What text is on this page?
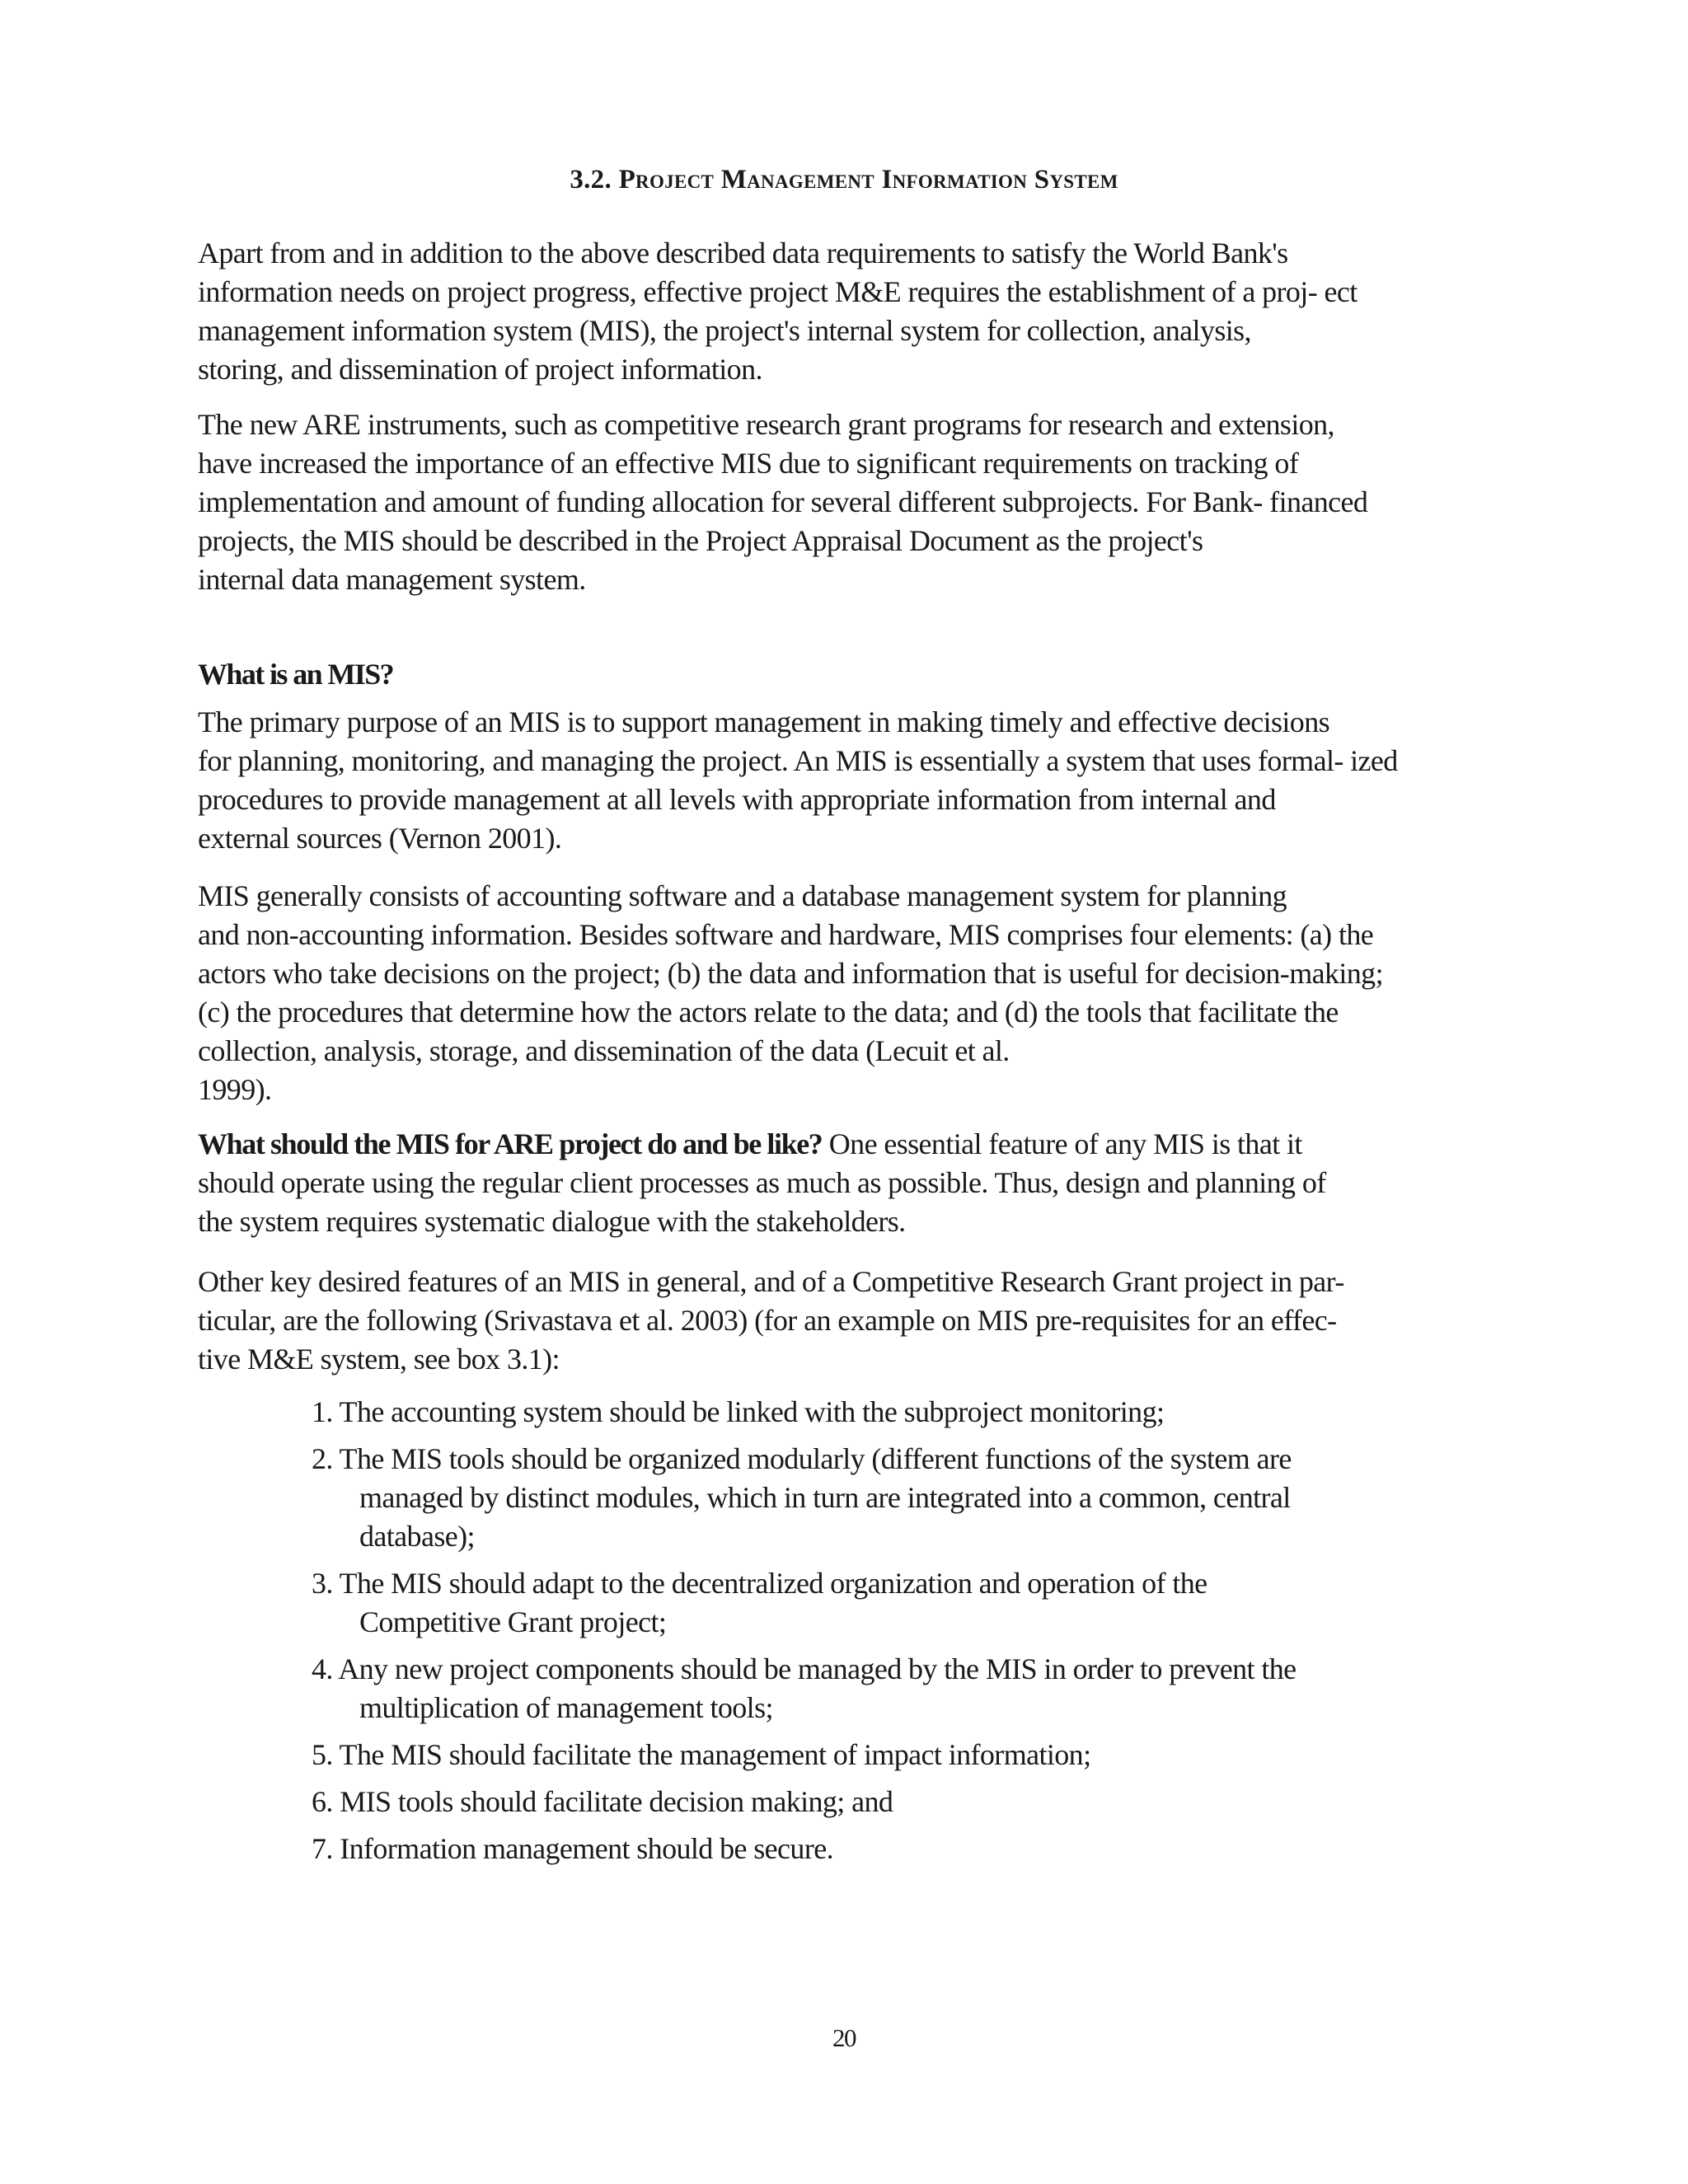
3.2. Project Management Information System

Apart from and in addition to the above described data requirements to satisfy the World Bank's
information needs on project progress, effective project M&E requires the establishment of a proj- ect
management information system (MIS), the project's internal system for collection, analysis,
storing, and dissemination of project information.

The new ARE instruments, such as competitive research grant programs for research and extension,
have increased the importance of an effective MIS due to significant requirements on tracking of
implementation and amount of funding allocation for several different subprojects. For Bank- financed
projects, the MIS should be described in the Project Appraisal Document as the project's
internal data management system.

What is an MIS?

The primary purpose of an MIS is to support management in making timely and effective decisions
for planning, monitoring, and managing the project. An MIS is essentially a system that uses formal- ized
procedures to provide management at all levels with appropriate information from internal and
external sources (Vernon 2001).

MIS generally consists of accounting software and a database management system for planning
and non-accounting information. Besides software and hardware, MIS comprises four elements: (a) the
actors who take decisions on the project; (b) the data and information that is useful for decision-making;
(c) the procedures that determine how the actors relate to the data; and (d) the tools that facilitate the
collection, analysis, storage, and dissemination of the data (Lecuit et al.
1999).

What should the MIS for ARE project do and be like? One essential feature of any MIS is that it
should operate using the regular client processes as much as possible. Thus, design and planning of
the system requires systematic dialogue with the stakeholders.

Other key desired features of an MIS in general, and of a Competitive Research Grant project in par-
ticular, are the following (Srivastava et al. 2003) (for an example on MIS pre-requisites for an effec-
tive M&E system, see box 3.1):

1. The accounting system should be linked with the subproject monitoring;
2. The MIS tools should be organized modularly (different functions of the system are
managed by distinct modules, which in turn are integrated into a common, central
database);
3. The MIS should adapt to the decentralized organization and operation of the
Competitive Grant project;
4. Any new project components should be managed by the MIS in order to prevent the
multiplication of management tools;
5. The MIS should facilitate the management of impact information;
6. MIS tools should facilitate decision making; and
7. Information management should be secure.
20
